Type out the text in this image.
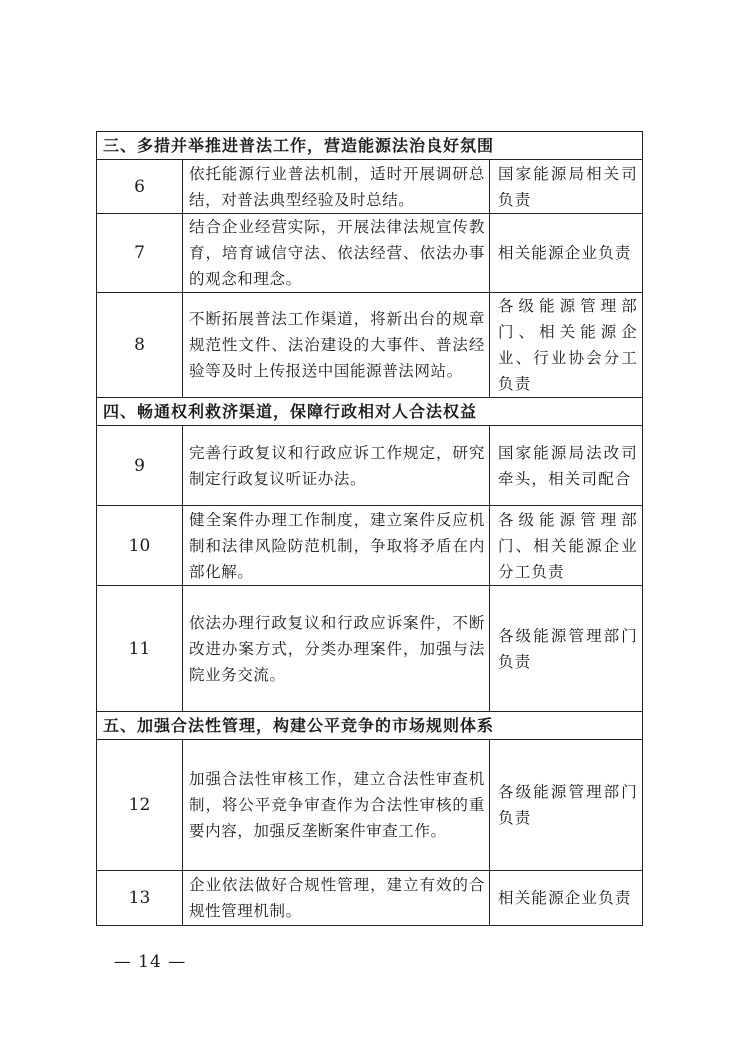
三、多措并举推进普法工作，营造能源法治良好氛围		
6	依托能源行业普法机制，适时开展调研总结，对普法典型经验及时总结。	国家能源局相关司负责
7	结合企业经营实际，开展法律法规宣传教育，培育诚信守法、依法经营、依法办事的观念和理念。	相关能源企业负责
8	不断拓展普法工作渠道，将新出台的规章规范性文件、法治建设的大事件、普法经验等及时上传报送中国能源普法网站。	各级能源管理部门、相关能源企业、行业协会分工负责
四、畅通权利救济渠道，保障行政相对人合法权益		
9	完善行政复议和行政应诉工作规定，研究制定行政复议听证办法。	国家能源局法改司牵头，相关司配合
10	健全案件办理工作制度，建立案件反应机制和法律风险防范机制，争取将矛盾在内部化解。	各级能源管理部门、相关能源企业分工负责
11	依法办理行政复议和行政应诉案件，不断改进办案方式，分类办理案件，加强与法院业务交流。	各级能源管理部门负责
五、加强合法性管理，构建公平竞争的市场规则体系		
12	加强合法性审核工作，建立合法性审查机制，将公平竞争审查作为合法性审核的重要内容，加强反垄断案件审查工作。	各级能源管理部门负责
13	企业依法做好合规性管理，建立有效的合规性管理机制。	相关能源企业负责
— 14 —
